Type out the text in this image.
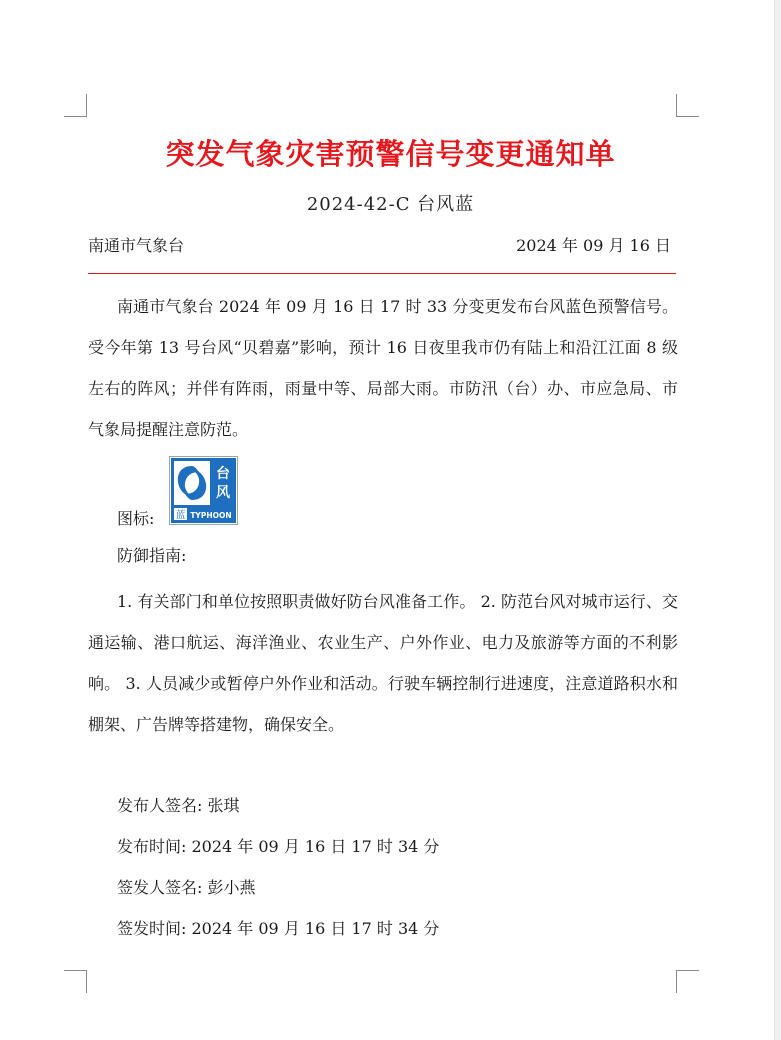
突发气象灾害预警信号变更通知单
2024-42-C 台风蓝
南通市气象台	2024 年 09 月 16 日
南通市气象台 2024 年 09 月 16 日 17 时 33 分变更发布台风蓝色预警信号。受今年第 13 号台风“贝碧嘉”影响，预计 16 日夜里我市仍有陆上和沿江江面 8 级左右的阵风；并伴有阵雨，雨量中等、局部大雨。市防汛（台）办、市应急局、市气象局提醒注意防范。
图标:
台
风
蓝 TYPHOON
防御指南:
1. 有关部门和单位按照职责做好防台风准备工作。 2. 防范台风对城市运行、交通运输、港口航运、海洋渔业、农业生产、户外作业、电力及旅游等方面的不利影响。 3. 人员减少或暂停户外作业和活动。行驶车辆控制行进速度，注意道路积水和棚架、广告牌等搭建物，确保安全。
发布人签名: 张琪
发布时间: 2024 年 09 月 16 日 17 时 34 分
签发人签名: 彭小燕
签发时间: 2024 年 09 月 16 日 17 时 34 分
